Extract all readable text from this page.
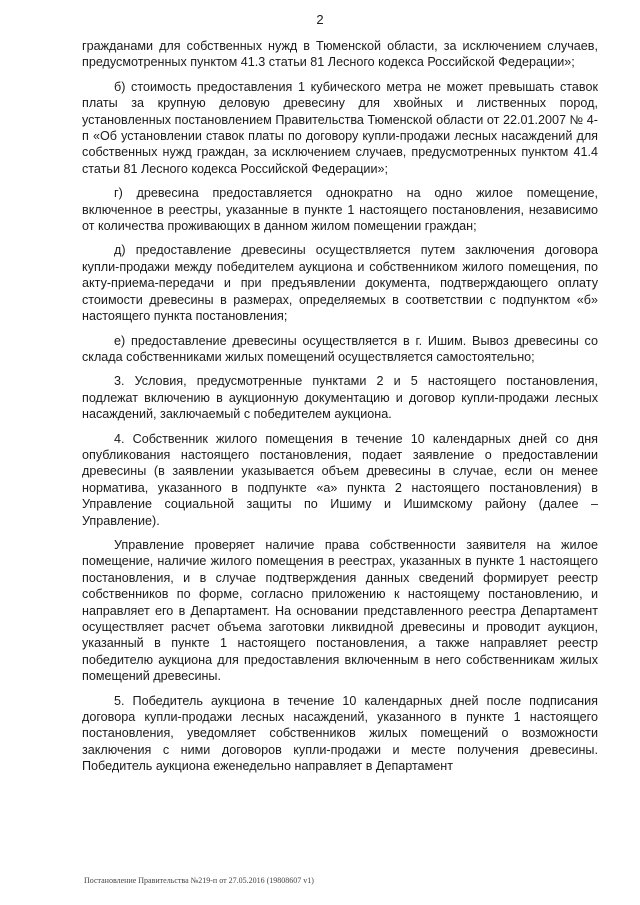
2

гражданами для собственных нужд в Тюменской области, за исключением случаев, предусмотренных пунктом 41.3 статьи 81 Лесного кодекса Российской Федерации»;

б) стоимость предоставления 1 кубического метра не может превышать ставок платы за крупную деловую древесину для хвойных и лиственных пород, установленных постановлением Правительства Тюменской области от 22.01.2007 № 4-п «Об установлении ставок платы по договору купли-продажи лесных насаждений для собственных нужд граждан, за исключением случаев, предусмотренных пунктом 41.4 статьи 81 Лесного кодекса Российской Федерации»;

г) древесина предоставляется однократно на одно жилое помещение, включенное в реестры, указанные в пункте 1 настоящего постановления, независимо от количества проживающих в данном жилом помещении граждан;

д) предоставление древесины осуществляется путем заключения договора купли-продажи между победителем аукциона и собственником жилого помещения, по акту-приема-передачи и при предъявлении документа, подтверждающего оплату стоимости древесины в размерах, определяемых в соответствии с подпунктом «б» настоящего пункта постановления;

е) предоставление древесины осуществляется в г. Ишим. Вывоз древесины со склада собственниками жилых помещений осуществляется самостоятельно;

3. Условия, предусмотренные пунктами 2 и 5 настоящего постановления, подлежат включению в аукционную документацию и договор купли-продажи лесных насаждений, заключаемый с победителем аукциона.

4. Собственник жилого помещения в течение 10 календарных дней со дня опубликования настоящего постановления, подает заявление о предоставлении древесины (в заявлении указывается объем древесины в случае, если он менее норматива, указанного в подпункте «а» пункта 2 настоящего постановления) в Управление социальной защиты по Ишиму и Ишимскому району (далее – Управление).

Управление проверяет наличие права собственности заявителя на жилое помещение, наличие жилого помещения в реестрах, указанных в пункте 1 настоящего постановления, и в случае подтверждения данных сведений формирует реестр собственников по форме, согласно приложению к настоящему постановлению, и направляет его в Департамент. На основании представленного реестра Департамент осуществляет расчет объема заготовки ликвидной древесины и проводит аукцион, указанный в пункте 1 настоящего постановления, а также направляет реестр победителю аукциона для предоставления включенным в него собственникам жилых помещений древесины.

5. Победитель аукциона в течение 10 календарных дней после подписания договора купли-продажи лесных насаждений, указанного в пункте 1 настоящего постановления, уведомляет собственников жилых помещений о возможности заключения с ними договоров купли-продажи и месте получения древесины. Победитель аукциона еженедельно направляет в Департамент

Постановление Правительства №219-п от 27.05.2016 (19808607 v1)
